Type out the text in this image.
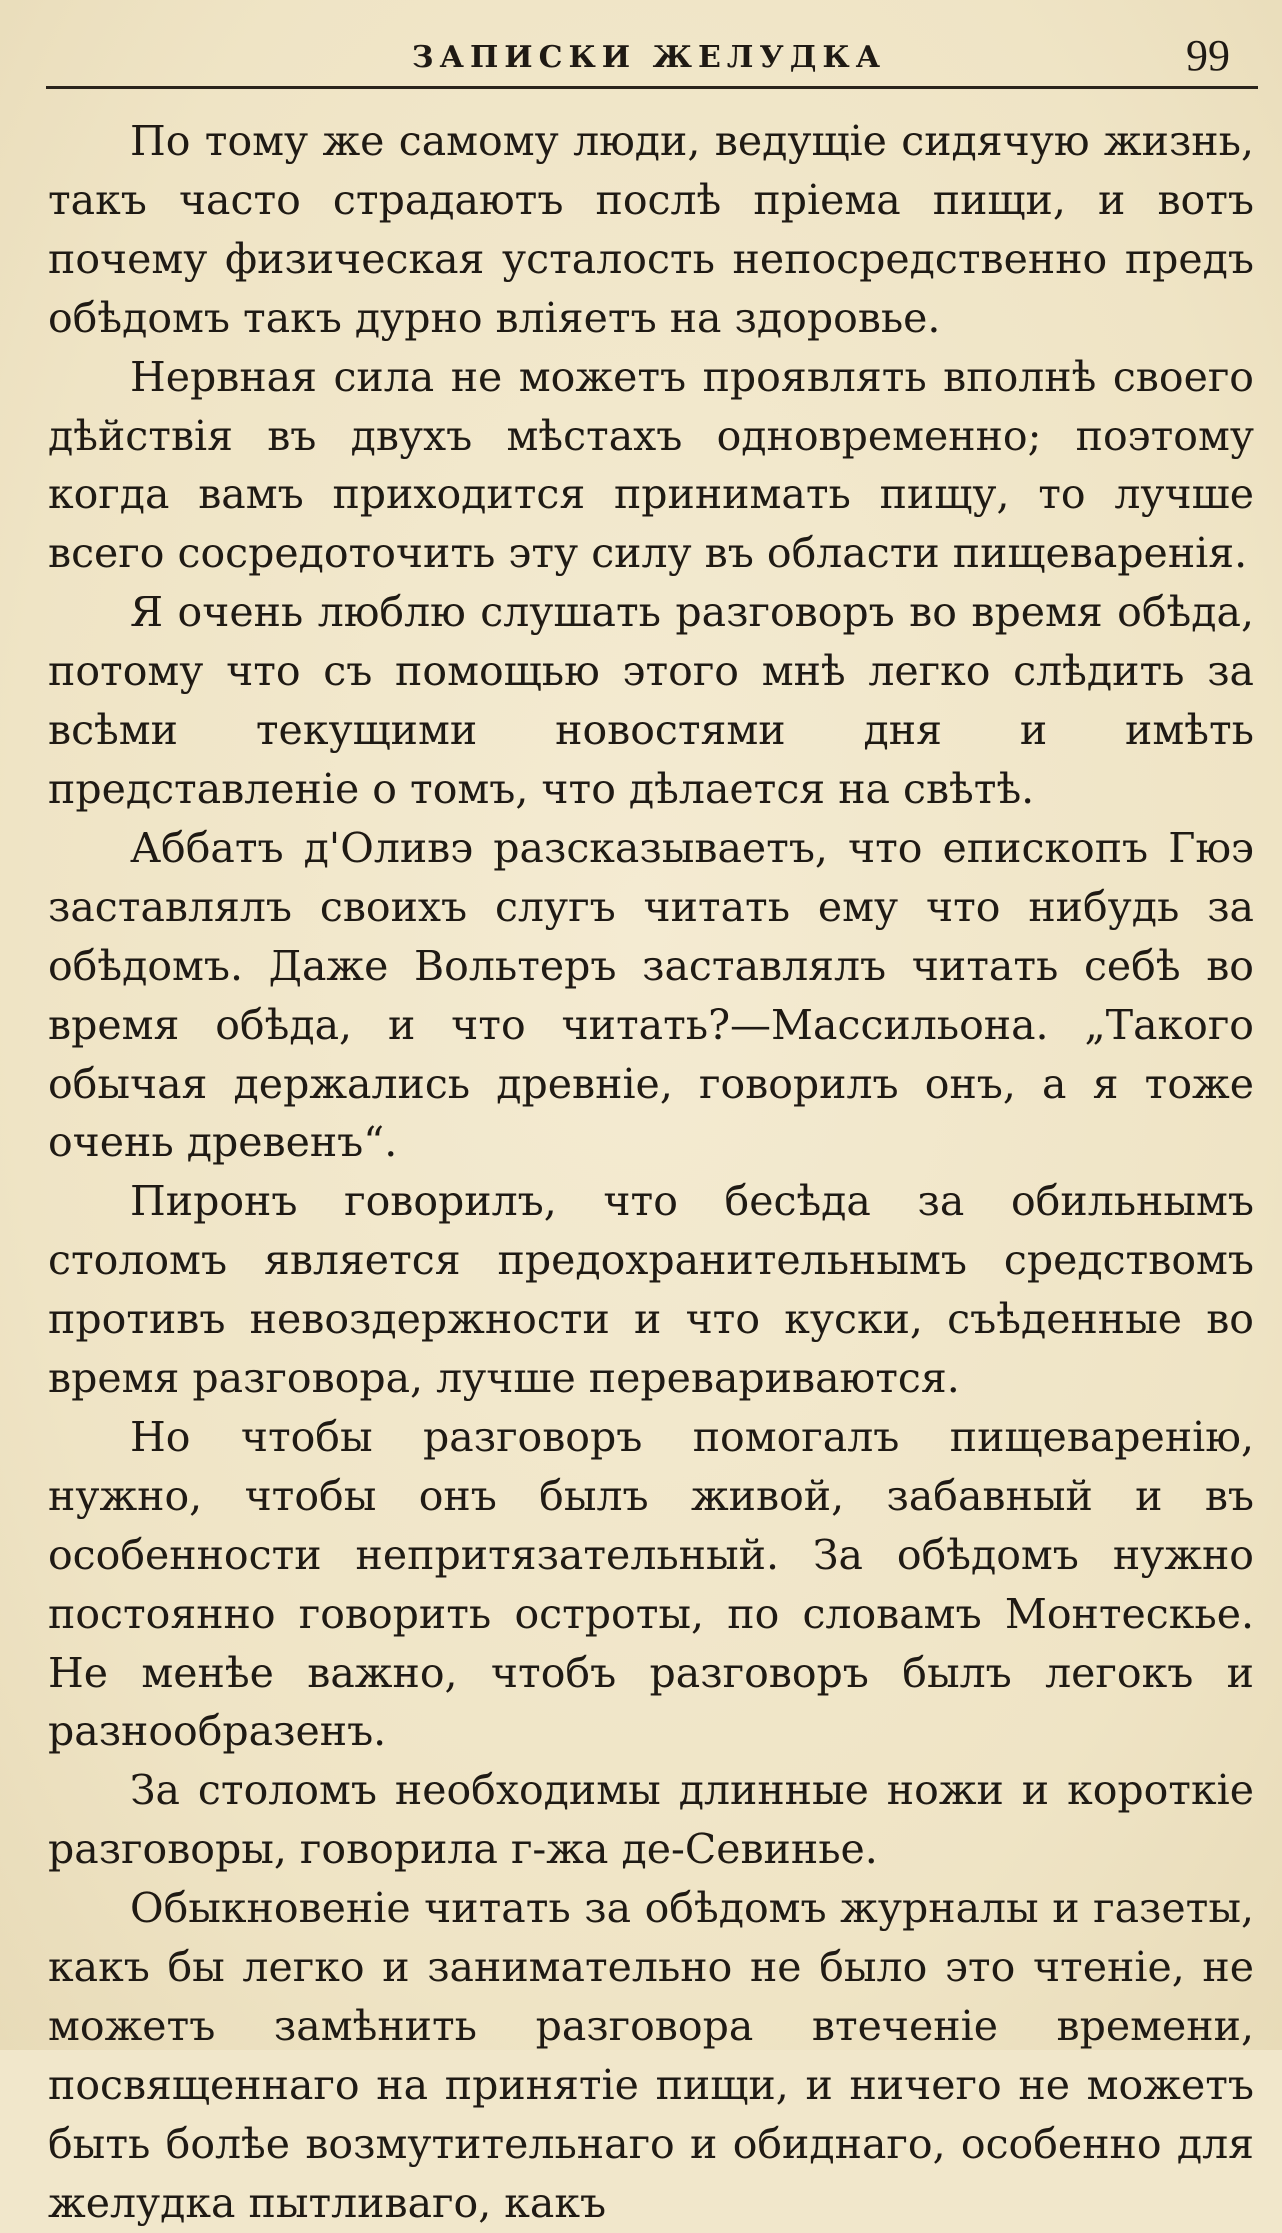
ЗАПИСКИ ЖЕЛУДКА	99

По тому же самому люди, ведущіе сидячую жизнь, такъ часто страдаютъ послѣ пріема пищи, и вотъ почему физическая усталость непосредственно предъ обѣдомъ такъ дурно вліяетъ на здоровье.

Нервная сила не можетъ проявлять вполнѣ своего дѣйствія въ двухъ мѣстахъ одновременно; поэтому когда вамъ приходится принимать пищу, то лучше всего сосредоточить эту силу въ области пищеваренія.

Я очень люблю слушать разговоръ во время обѣда, потому что съ помощью этого мнѣ легко слѣдить за всѣми текущими новостями дня и имѣть представленіе о томъ, что дѣлается на свѣтѣ.

Аббатъ д'Оливэ разсказываетъ, что епископъ Гюэ заставлялъ своихъ слугъ читать ему что нибудь за обѣдомъ. Даже Вольтеръ заставлялъ читать себѣ во время обѣда, и что читать?—Массильона. „Такого обычая держались древніе, говорилъ онъ, а я тоже очень древенъ“.

Пиронъ говорилъ, что бесѣда за обильнымъ столомъ является предохранительнымъ средствомъ противъ невоздержности и что куски, съѣденные во время разговора, лучше перевариваются.

Но чтобы разговоръ помогалъ пищеваренію, нужно, чтобы онъ былъ живой, забавный и въ особенности непритязательный. За обѣдомъ нужно постоянно говорить остроты, по словамъ Монтескье. Не менѣе важно, чтобъ разговоръ былъ легокъ и разнообразенъ.

За столомъ необходимы длинные ножи и короткіе разговоры, говорила г-жа де-Севинье.

Обыкновеніе читать за обѣдомъ журналы и газеты, какъ бы легко и занимательно не было это чтеніе, не можетъ замѣнить разговора втеченіе времени, посвященнаго на принятіе пищи, и ничего не можетъ быть болѣе возмутительнаго и обиднаго, особенно для желудка пытливаго, какъ
